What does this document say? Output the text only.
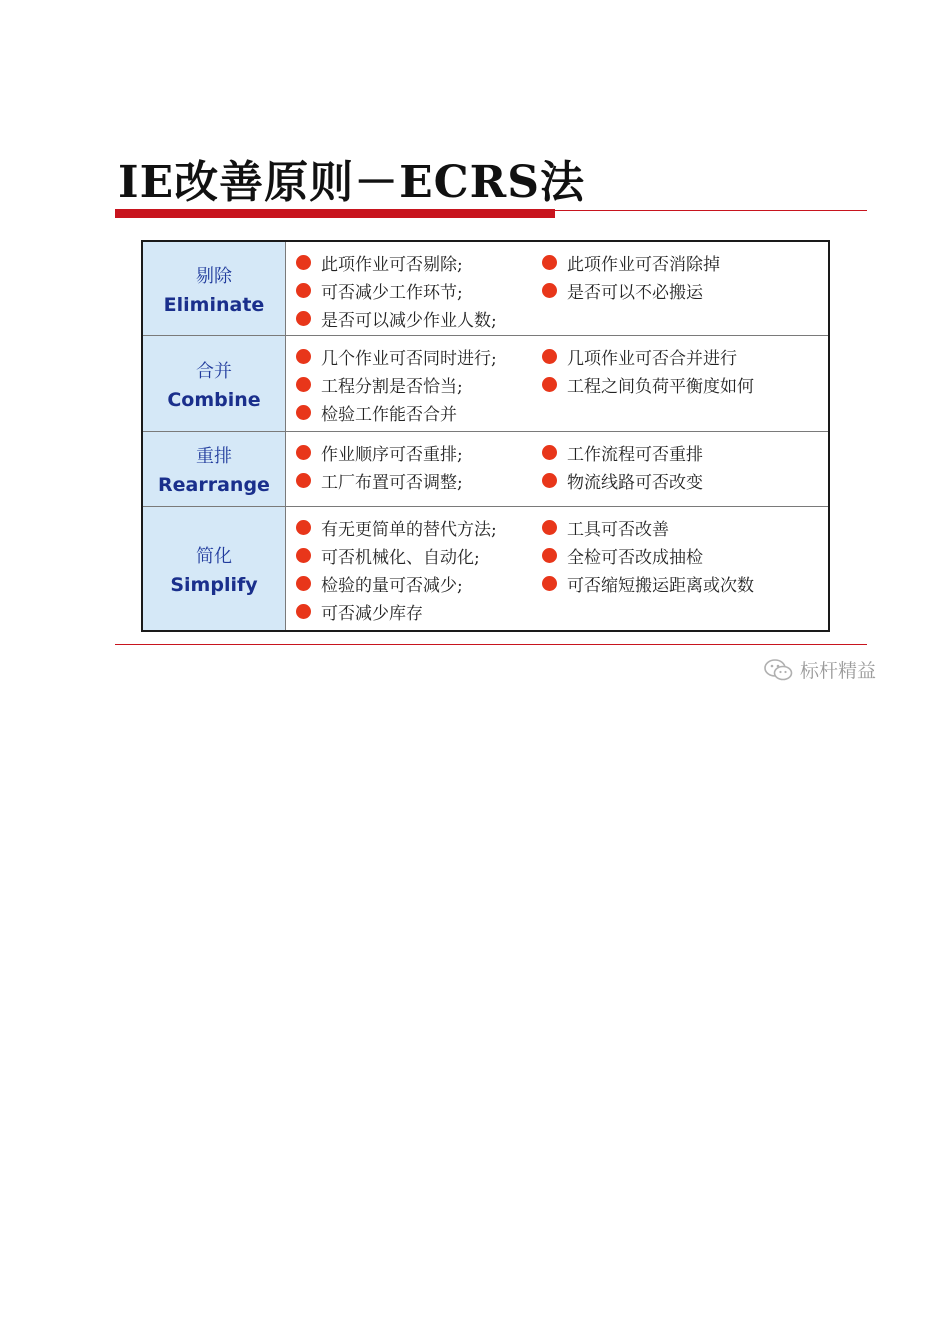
IE改善原则－ECRS法
剔除
Eliminate
此项作业可否剔除;	此项作业可否消除掉
可否减少工作环节;	是否可以不必搬运
是否可以减少作业人数;
合并
Combine
几个作业可否同时进行;	几项作业可否合并进行
工程分割是否恰当;	工程之间负荷平衡度如何
检验工作能否合并
重排
Rearrange
作业顺序可否重排;	工作流程可否重排
工厂布置可否调整;	物流线路可否改变
简化
Simplify
有无更简单的替代方法;	工具可否改善
可否机械化、自动化;	全检可否改成抽检
检验的量可否减少;	可否缩短搬运距离或次数
可否减少库存
标杆精益
